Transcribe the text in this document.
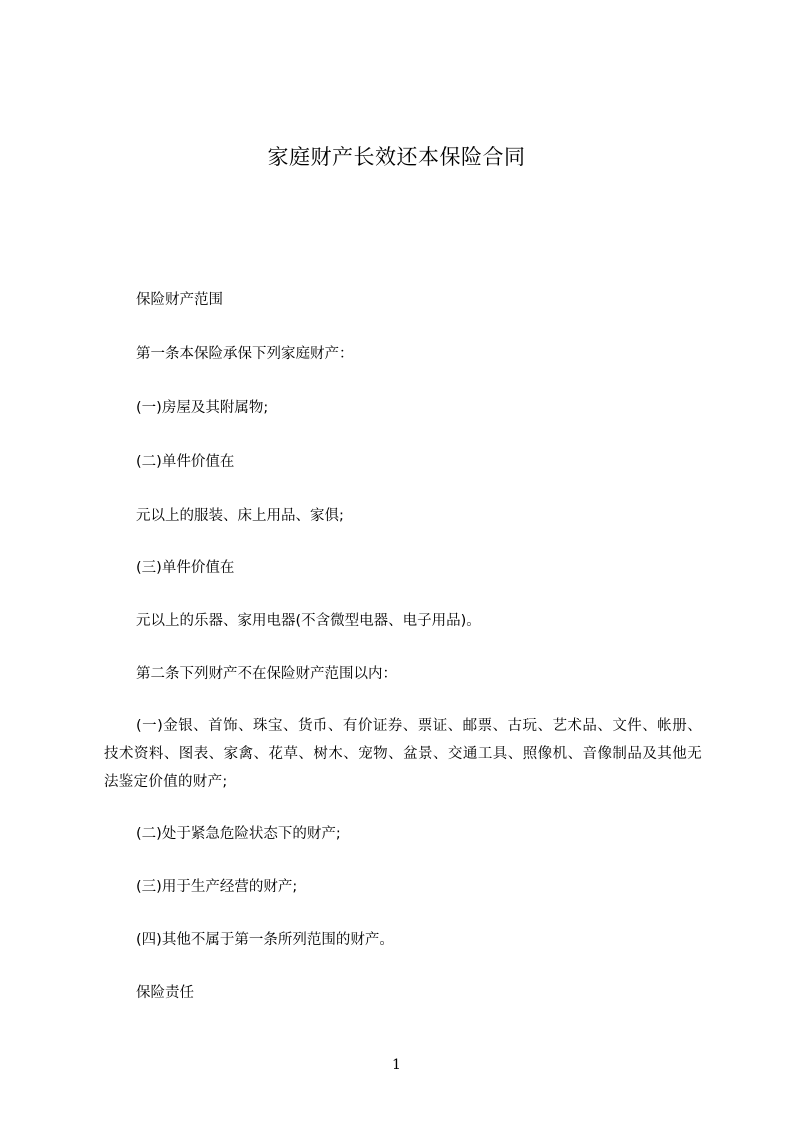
家庭财产长效还本保险合同
保险财产范围
第一条本保险承保下列家庭财产：
(一)房屋及其附属物;
(二)单件价值在
元以上的服装、床上用品、家俱;
(三)单件价值在
元以上的乐器、家用电器(不含微型电器、电子用品)。
第二条下列财产不在保险财产范围以内：
(一)金银、首饰、珠宝、货币、有价证券、票证、邮票、古玩、艺术品、文件、帐册、技术资料、图表、家禽、花草、树木、宠物、盆景、交通工具、照像机、音像制品及其他无法鉴定价值的财产;
(二)处于紧急危险状态下的财产;
(三)用于生产经营的财产;
(四)其他不属于第一条所列范围的财产。
保险责任
1
